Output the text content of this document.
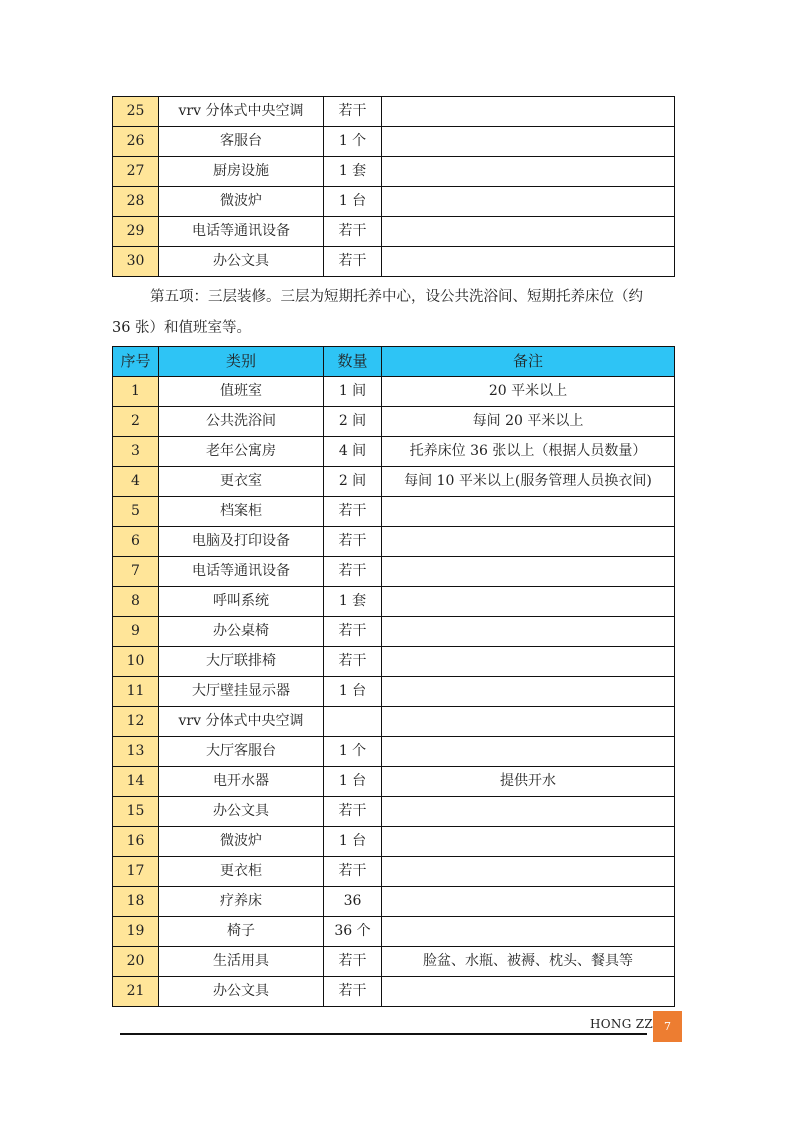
25	vrv 分体式中央空调	若干	
26	客服台	1 个	
27	厨房设施	1 套	
28	微波炉	1 台	
29	电话等通讯设备	若干	
30	办公文具	若干	
第五项：三层装修。三层为短期托养中心，设公共洗浴间、短期托养床位（约
36 张）和值班室等。
序号	类别	数量	备注
1	值班室	1 间	20 平米以上
2	公共洗浴间	2 间	每间 20 平米以上
3	老年公寓房	4 间	托养床位 36 张以上（根据人员数量）
4	更衣室	2 间	每间 10 平米以上(服务管理人员换衣间)
5	档案柜	若干	
6	电脑及打印设备	若干	
7	电话等通讯设备	若干	
8	呼叫系统	1 套	
9	办公桌椅	若干	
10	大厅联排椅	若干	
11	大厅壁挂显示器	1 台	
12	vrv 分体式中央空调		
13	大厅客服台	1 个	
14	电开水器	1 台	提供开水
15	办公文具	若干	
16	微波炉	1 台	
17	更衣柜	若干	
18	疗养床	36	
19	椅子	36 个	
20	生活用具	若干	脸盆、水瓶、被褥、枕头、餐具等
21	办公文具	若干	
HONG ZZ	7
